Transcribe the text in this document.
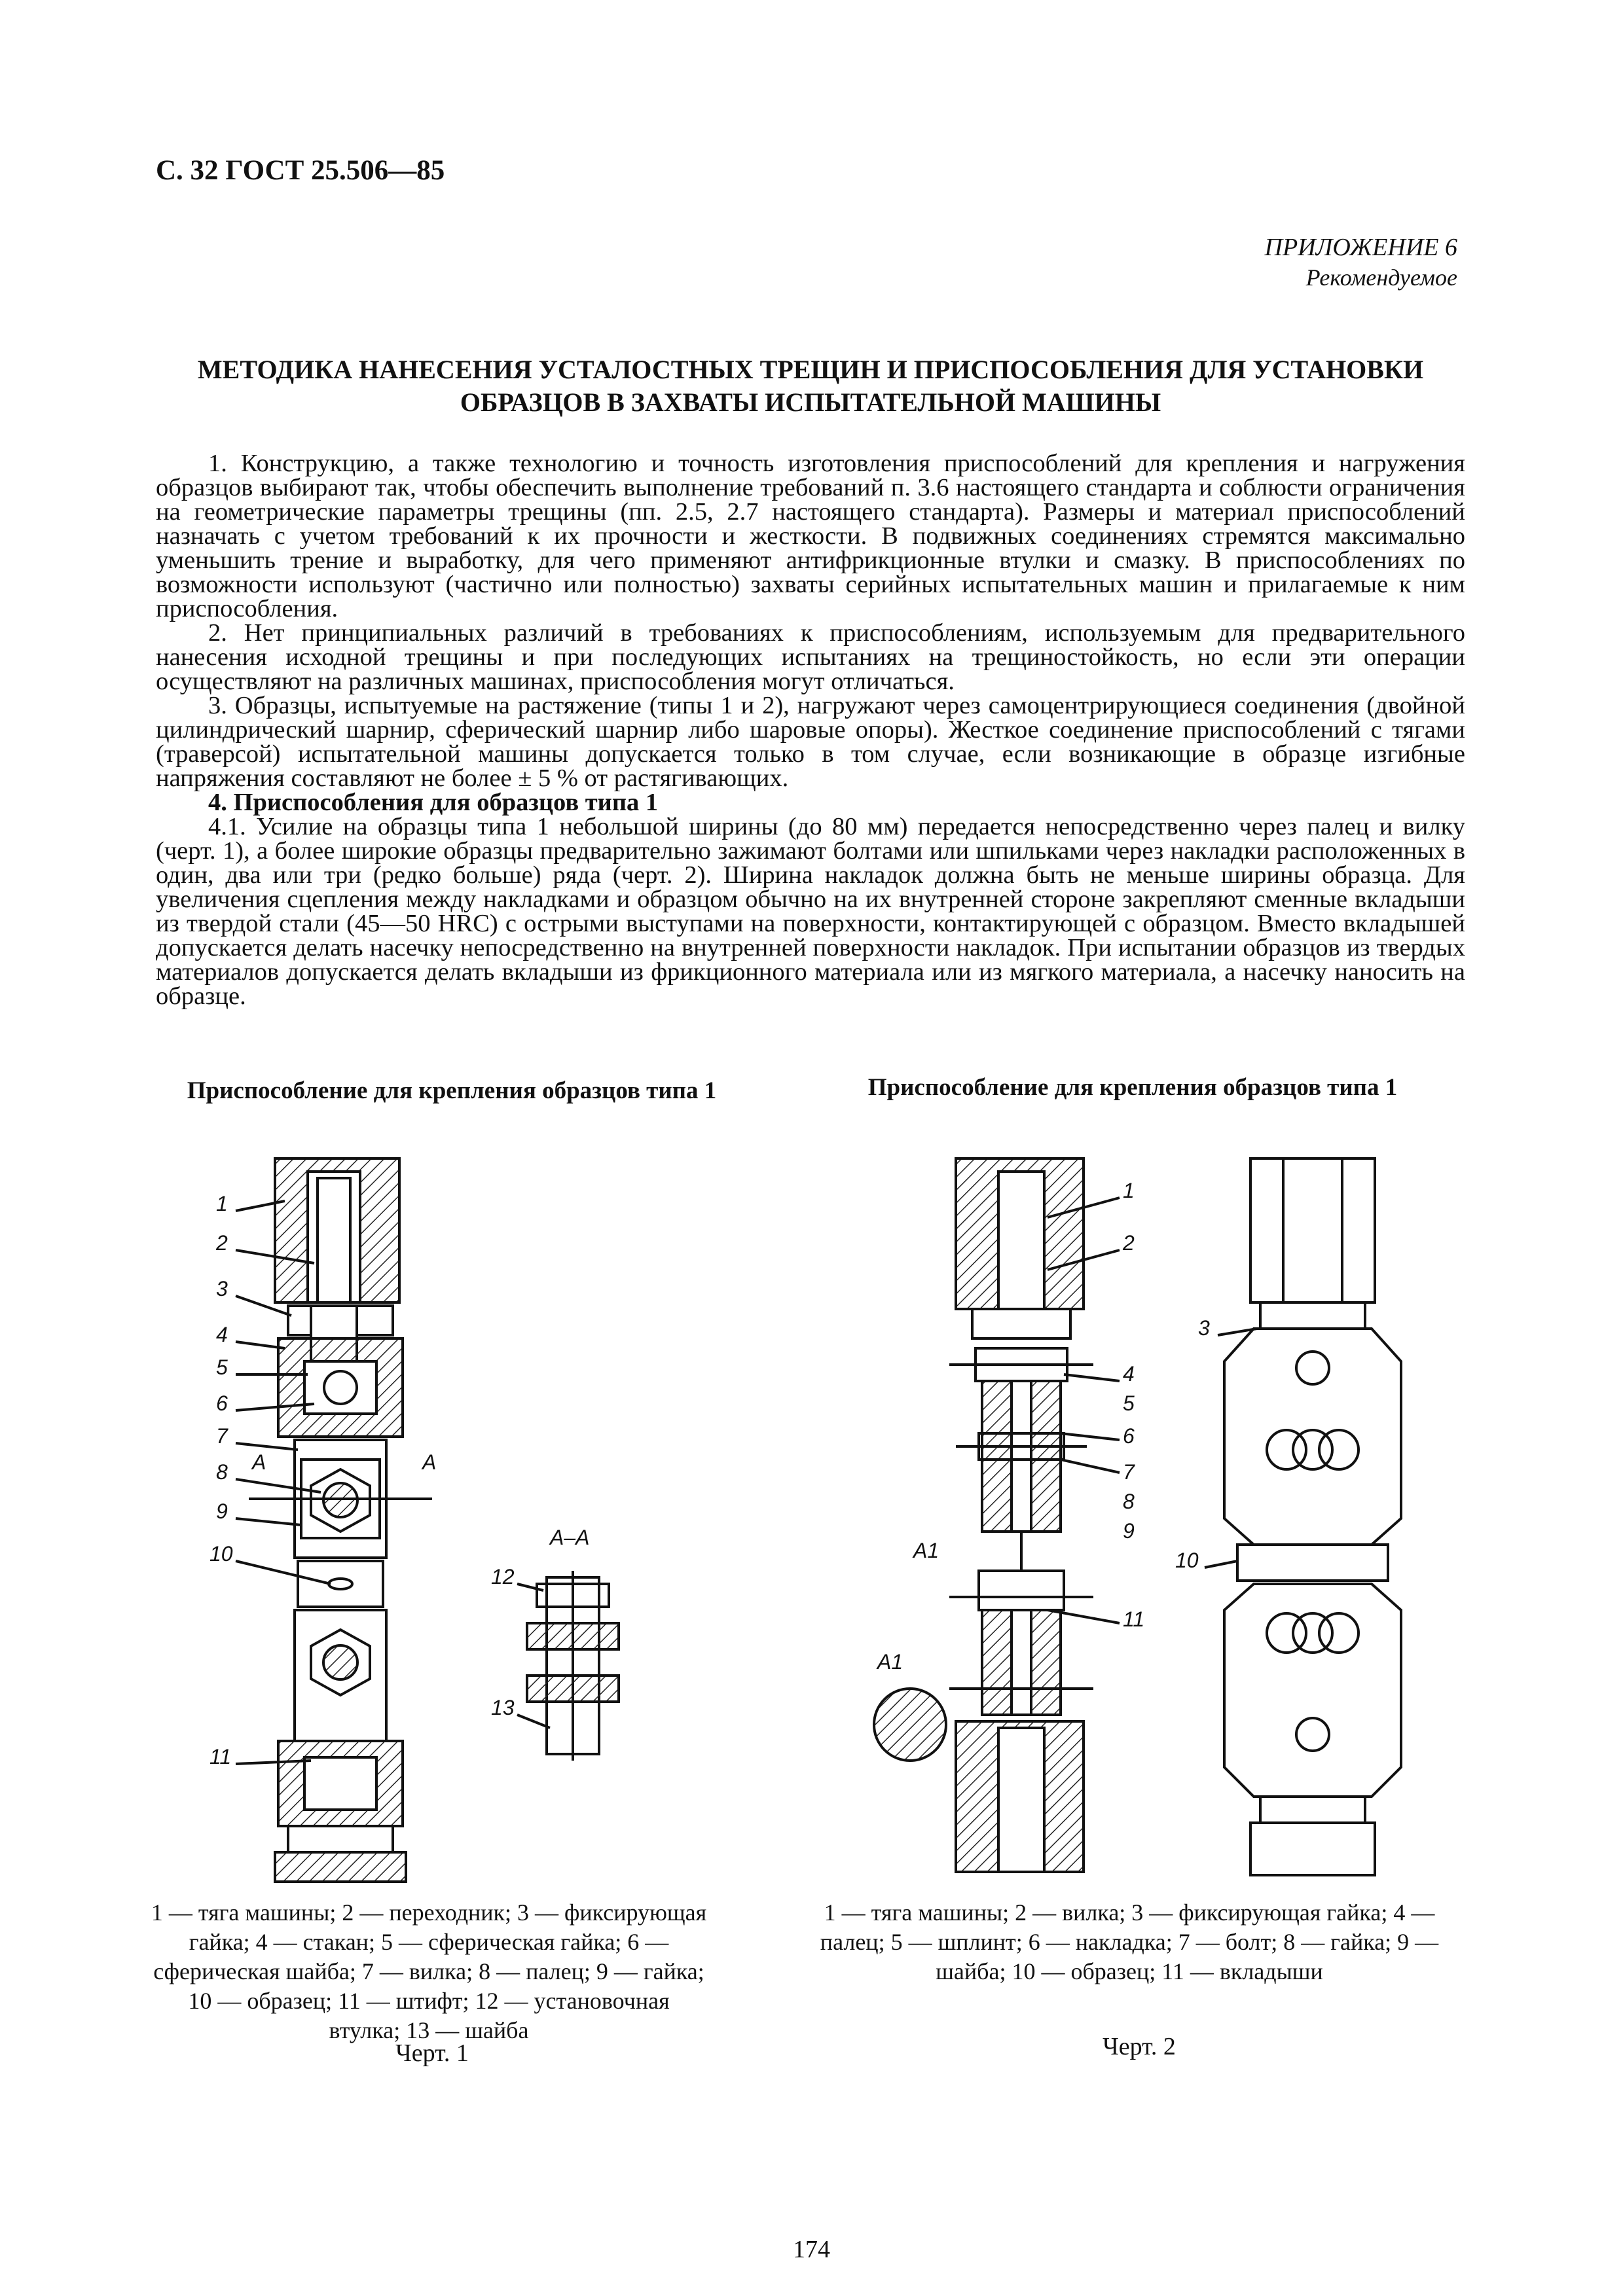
С. 32 ГОСТ 25.506—85
ПРИЛОЖЕНИЕ 6
Рекомендуемое
МЕТОДИКА НАНЕСЕНИЯ УСТАЛОСТНЫХ ТРЕЩИН И ПРИСПОСОБЛЕНИЯ ДЛЯ УСТАНОВКИ ОБРАЗЦОВ В ЗАХВАТЫ ИСПЫТАТЕЛЬНОЙ МАШИНЫ

1. Конструкцию, а также технологию и точность изготовления приспособлений для крепления и нагружения образцов выбирают так, чтобы обеспечить выполнение требований п. 3.6 настоящего стандарта и соблюсти ограничения на геометрические параметры трещины (пп. 2.5, 2.7 настоящего стандарта). Размеры и материал приспособлений назначать с учетом требований к их прочности и жесткости. В подвижных соединениях стремятся максимально уменьшить трение и выработку, для чего применяют антифрикционные втулки и смазку. В приспособлениях по возможности используют (частично или полностью) захваты серийных испытательных машин и прилагаемые к ним приспособления.

2. Нет принципиальных различий в требованиях к приспособлениям, используемым для предварительного нанесения исходной трещины и при последующих испытаниях на трещиностойкость, но если эти операции осуществляют на различных машинах, приспособления могут отличаться.

3. Образцы, испытуемые на растяжение (типы 1 и 2), нагружают через самоцентрирующиеся соединения (двойной цилиндрический шарнир, сферический шарнир либо шаровые опоры). Жесткое соединение приспособлений с тягами (траверсой) испытательной машины допускается только в том случае, если возникающие в образце изгибные напряжения составляют не более ± 5 % от растягивающих.

4. Приспособления для образцов типа 1

4.1. Усилие на образцы типа 1 небольшой ширины (до 80 мм) передается непосредственно через палец и вилку (черт. 1), а более широкие образцы предварительно зажимают болтами или шпильками через накладки расположенных в один, два или три (редко больше) ряда (черт. 2). Ширина накладок должна быть не меньше ширины образца. Для увеличения сцепления между накладками и образцом обычно на их внутренней стороне закрепляют сменные вкладыши из твердой стали (45—50 HRC) с острыми выступами на поверхности, контактирующей с образцом. Вместо вкладышей допускается делать насечку непосредственно на внутренней поверхности накладок. При испытании образцов из твердых материалов допускается делать вкладыши из фрикционного материала или из мягкого материала, а насечку наносить на образце.

Приспособление для крепления образцов типа 1
1
2
3
4
5
6
7
8
9
10
11
12
13
А–А
А	А
1 — тяга машины; 2 — переходник; 3 — фиксирующая гайка; 4 — стакан; 5 — сферическая гайка; 6 — сферическая шайба; 7 — вилка; 8 — палец; 9 — гайка; 10 — образец; 11 — штифт; 12 — установочная втулка; 13 — шайба
Черт. 1
Приспособление для крепления образцов типа 1
1
2
3
4
5
6
7
8
9
10
11
А1
А1
1 — тяга машины; 2 — вилка; 3 — фиксирующая гайка; 4 — палец; 5 — шплинт; 6 — накладка; 7 — болт; 8 — гайка; 9 — шайба; 10 — образец; 11 — вкладыши
Черт. 2
174
